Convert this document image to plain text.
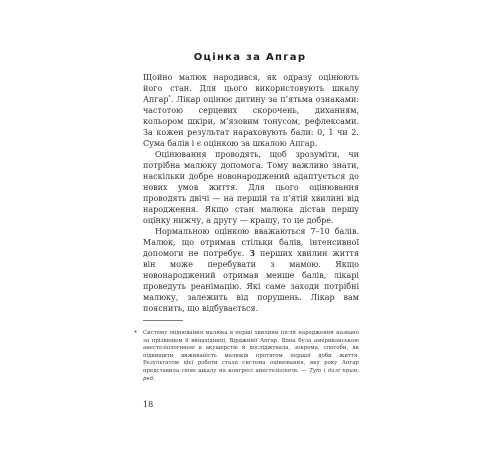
Оцінка за Апгар

Щойно малюк народився, як одразу оцінюють його стан. Для цього використовують шкалу Апгар*. Лікар оцінює дитину за п’ятьма ознаками: частотою серцевих скорочень, диханням, кольором шкіри, м’язовим тонусом, рефлексами. За кожен результат нараховують бали: 0, 1 чи 2. Сума балів і є оцінкою за шкалою Апгар.

Оцінювання проводять, щоб зрозуміти, чи потрібна малюку допомога. Тому важливо знати, наскільки добре новонароджений адаптується до нових умов життя. Для цього оцінювання проводять двічі — на першій та п’ятій хвилині від народження. Якщо стан малюка дістав першу оцінку нижчу, а другу — кращу, то це добре.

Нормальною оцінкою вважаються 7–10 балів. Малюк, що отримав стільки балів, інтенсивної допомоги не потребує. З перших хвилин життя він може перебувати з мамою. Якщо новонароджений отримав менше балів, лікарі проведуть реанімацію. Які саме заходи потрібні малюку, залежить від порушень. Лікар вам пояснить, що відбувається.

* Систему оцінювання малюка в перші хвилини після народження названо за прізвищем її винахідниці, Вірджинії Апгар. Вона була американською анестезіологинею в акушерстві й досліджувала, зокрема, способи, як підвищити виживаність малюків протягом першої доби життя. Результатом цієї роботи стала система оцінювання, яку року Апгар представила свою шкалу на конгресі анестезіологів. — Тут і далі прим. ред.
18
